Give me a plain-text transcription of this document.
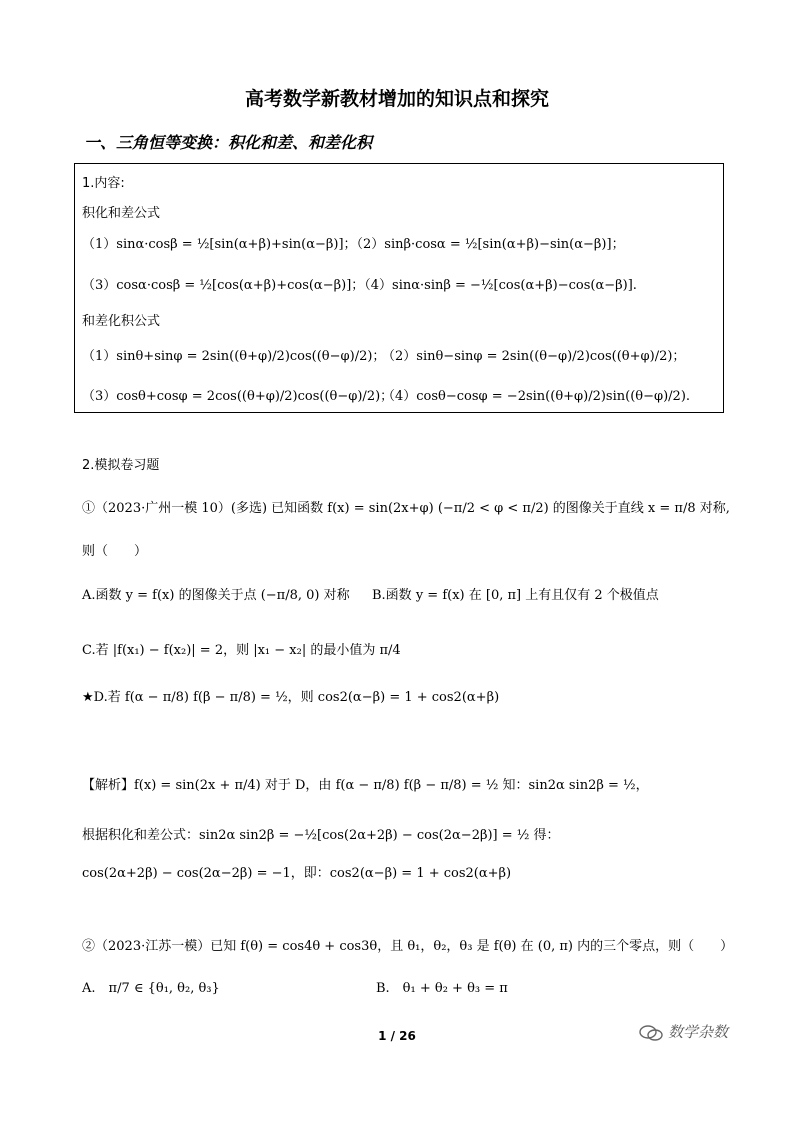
高考数学新教材增加的知识点和探究
一、三角恒等变换：积化和差、和差化积
1.内容:
积化和差公式
（1）sinα·cosβ = ½[sin(α+β)+sin(α−β)]；（2）sinβ·cosα = ½[sin(α+β)−sin(α−β)]；
（3）cosα·cosβ = ½[cos(α+β)+cos(α−β)]；（4）sinα·sinβ = −½[cos(α+β)−cos(α−β)].
和差化积公式
（1）sinθ+sinφ = 2sin((θ+φ)/2)cos((θ−φ)/2)；
（2）sinθ−sinφ = 2sin((θ−φ)/2)cos((θ+φ)/2)；
（3）cosθ+cosφ = 2cos((θ+φ)/2)cos((θ−φ)/2)；
（4）cosθ−cosφ = −2sin((θ+φ)/2)sin((θ−φ)/2).
2.模拟卷习题
①（2023·广州一模 10）(多选) 已知函数 f(x) = sin(2x+φ) (−π/2 < φ < π/2) 的图像关于直线 x = π/8 对称,
则（　　）
A.函数 y = f(x) 的图像关于点 (−π/8, 0) 对称 B.函数 y = f(x) 在 [0, π] 上有且仅有 2 个极值点
C.若 |f(x₁) − f(x₂)| = 2，则 |x₁ − x₂| 的最小值为 π/4
★D.若 f(α − π/8) f(β − π/8) = ½，则 cos2(α−β) = 1 + cos2(α+β)
【解析】f(x) = sin(2x + π/4) 对于 D，由 f(α − π/8) f(β − π/8) = ½ 知：sin2α sin2β = ½，
根据积化和差公式：sin2α sin2β = −½[cos(2α+2β) − cos(2α−2β)] = ½ 得：
cos(2α+2β) − cos(2α−2β) = −1，即：cos2(α−β) = 1 + cos2(α+β)
②（2023·江苏一模）已知 f(θ) = cos4θ + cos3θ，且 θ₁，θ₂，θ₃ 是 f(θ) 在 (0, π) 内的三个零点，则（　　）
A.　π/7 ∈ {θ₁, θ₂, θ₃}	B.　θ₁ + θ₂ + θ₃ = π
1 / 26	数学杂数
